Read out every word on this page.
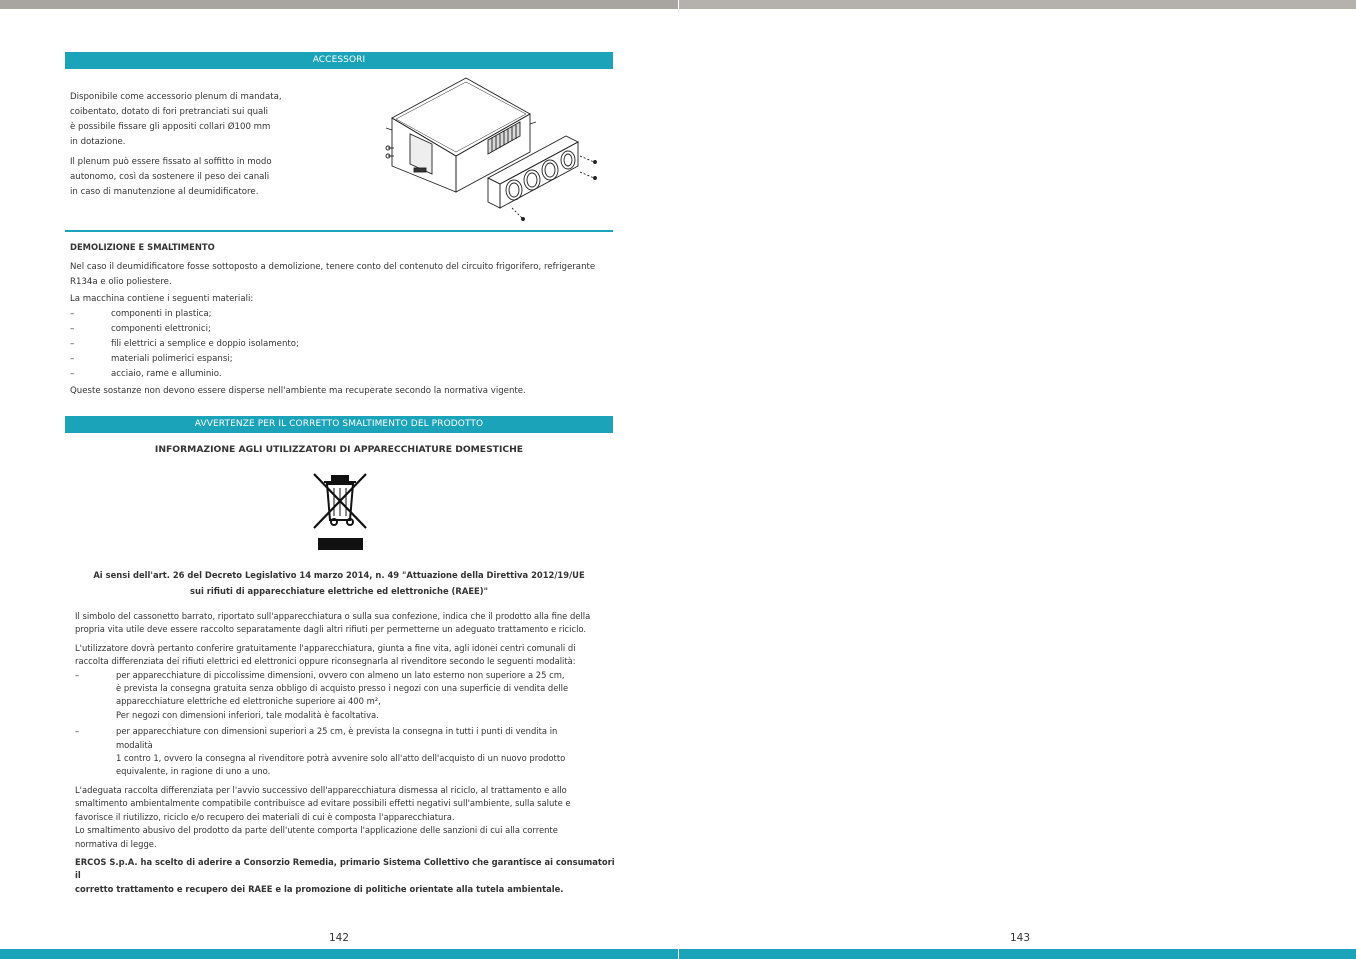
ACCESSORI

Disponibile come accessorio plenum di mandata,

coibentato, dotato di fori pretranciati sui quali

è possibile fissare gli appositi collari Ø100 mm

in dotazione.

Il plenum può essere fissato al soffitto in modo

autonomo, così da sostenere il peso dei canali

in caso di manutenzione al deumidificatore.

DEMOLIZIONE E SMALTIMENTO

Nel caso il deumidificatore fosse sottoposto a demolizione, tenere conto del contenuto del circuito frigorifero, refrigerante

R134a e olio poliestere.

La macchina contiene i seguenti materiali:

–	componenti in plastica;
–	componenti elettronici;
–	fili elettrici a semplice e doppio isolamento;
–	materiali polimerici espansi;
–	acciaio, rame e alluminio.

Queste sostanze non devono essere disperse nell'ambiente ma recuperate secondo la normativa vigente.

AVVERTENZE PER IL CORRETTO SMALTIMENTO DEL PRODOTTO
INFORMAZIONE AGLI UTILIZZATORI DI APPARECCHIATURE DOMESTICHE
Ai sensi dell'art. 26 del Decreto Legislativo 14 marzo 2014, n. 49 "Attuazione della Direttiva 2012/19/UE
sui rifiuti di apparecchiature elettriche ed elettroniche (RAEE)"

Il simbolo del cassonetto barrato, riportato sull'apparecchiatura o sulla sua confezione, indica che il prodotto alla fine della

propria vita utile deve essere raccolto separatamente dagli altri rifiuti per permetterne un adeguato trattamento e riciclo.

L'utilizzatore dovrà pertanto conferire gratuitamente l'apparecchiatura, giunta a fine vita, agli idonei centri comunali di

raccolta differenziata dei rifiuti elettrici ed elettronici oppure riconsegnarla al rivenditore secondo le seguenti modalità:

–	per apparecchiature di piccolissime dimensioni, ovvero con almeno un lato esterno non superiore a 25 cm,

è prevista la consegna gratuita senza obbligo di acquisto presso i negozi con una superficie di vendita delle

apparecchiature elettriche ed elettroniche superiore ai 400 m²,

Per negozi con dimensioni inferiori, tale modalità è facoltativa.

–	per apparecchiature con dimensioni superiori a 25 cm, è prevista la consegna in tutti i punti di vendita in

modalità

1 contro 1, ovvero la consegna al rivenditore potrà avvenire solo all'atto dell'acquisto di un nuovo prodotto

equivalente, in ragione di uno a uno.

L'adeguata raccolta differenziata per l'avvio successivo dell'apparecchiatura dismessa al riciclo, al trattamento e allo

smaltimento ambientalmente compatibile contribuisce ad evitare possibili effetti negativi sull'ambiente, sulla salute e

favorisce il riutilizzo, riciclo e/o recupero dei materiali di cui è composta l'apparecchiatura.

Lo smaltimento abusivo del prodotto da parte dell'utente comporta l'applicazione delle sanzioni di cui alla corrente

normativa di legge.

ERCOS S.p.A. ha scelto di aderire a Consorzio Remedia, primario Sistema Collettivo che garantisce ai consumatori il

corretto trattamento e recupero dei RAEE e la promozione di politiche orientate alla tutela ambientale.

142	143
